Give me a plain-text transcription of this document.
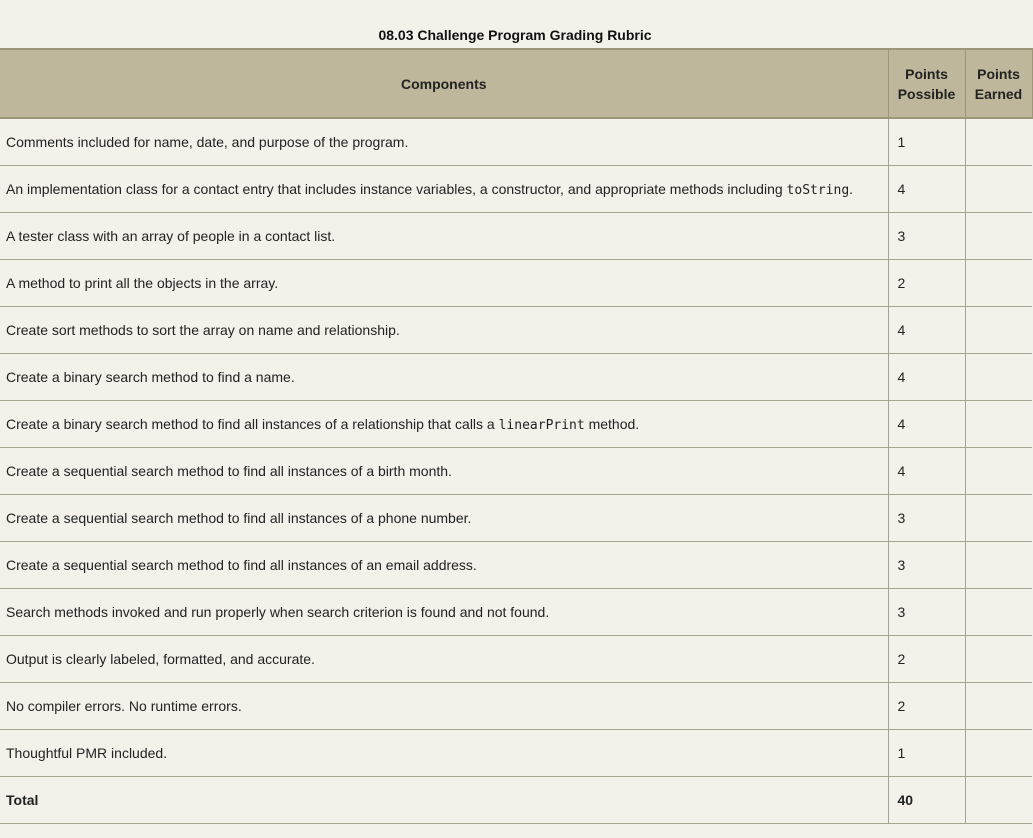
08.03 Challenge Program Grading Rubric
Components	Points Possible	Points Earned
Comments included for name, date, and purpose of the program.	1	
An implementation class for a contact entry that includes instance variables, a constructor, and appropriate methods including toString.	4	
A tester class with an array of people in a contact list.	3	
A method to print all the objects in the array.	2	
Create sort methods to sort the array on name and relationship.	4	
Create a binary search method to find a name.	4	
Create a binary search method to find all instances of a relationship that calls a linearPrint method.	4	
Create a sequential search method to find all instances of a birth month.	4	
Create a sequential search method to find all instances of a phone number.	3	
Create a sequential search method to find all instances of an email address.	3	
Search methods invoked and run properly when search criterion is found and not found.	3	
Output is clearly labeled, formatted, and accurate.	2	
No compiler errors. No runtime errors.	2	
Thoughtful PMR included.	1	
Total	40	
